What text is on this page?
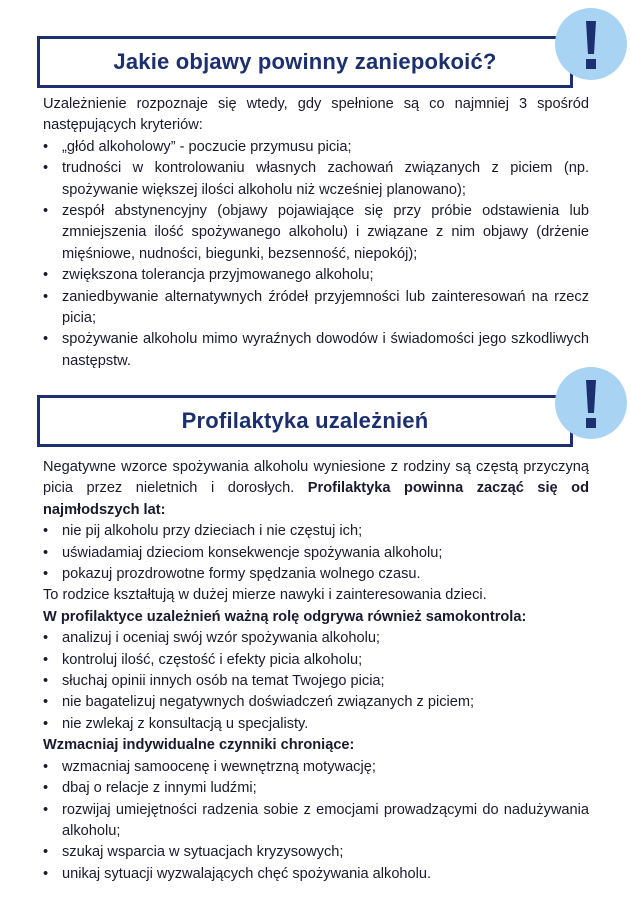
Jakie objawy powinny zaniepokoić?

Uzależnienie rozpoznaje się wtedy, gdy spełnione są co najmniej 3 spośród następujących kryteriów:

• „głód alkoholowy” - poczucie przymusu picia;
• trudności w kontrolowaniu własnych zachowań związanych z piciem (np. spożywanie większej ilości alkoholu niż wcześniej planowano);
• zespół abstynencyjny (objawy pojawiające się przy próbie odstawienia lub zmniejszenia ilość spożywanego alkoholu) i związane z nim objawy (drżenie mięśniowe, nudności, biegunki, bezsenność, niepokój);
• zwiększona tolerancja przyjmowanego alkoholu;
• zaniedbywanie alternatywnych źródeł przyjemności lub zainteresowań na rzecz picia;
• spożywanie alkoholu mimo wyraźnych dowodów i świadomości jego szkodliwych następstw.
Profilaktyka uzależnień

Negatywne wzorce spożywania alkoholu wyniesione z rodziny są częstą przyczyną picia przez nieletnich i dorosłych. Profilaktyka powinna zacząć się od najmłodszych lat:

• nie pij alkoholu przy dzieciach i nie częstuj ich;
• uświadamiaj dzieciom konsekwencje spożywania alkoholu;
• pokazuj prozdrowotne formy spędzania wolnego czasu.

To rodzice kształtują w dużej mierze nawyki i zainteresowania dzieci.

W profilaktyce uzależnień ważną rolę odgrywa również samokontrola:

• analizuj i oceniaj swój wzór spożywania alkoholu;
• kontroluj ilość, częstość i efekty picia alkoholu;
• słuchaj opinii innych osób na temat Twojego picia;
• nie bagatelizuj negatywnych doświadczeń związanych z piciem;
• nie zwlekaj z konsultacją u specjalisty.

Wzmacniaj indywidualne czynniki chroniące:

• wzmacniaj samoocenę i wewnętrzną motywację;
• dbaj o relacje z innymi ludźmi;
• rozwijaj umiejętności radzenia sobie z emocjami prowadzącymi do nadużywania alkoholu;
• szukaj wsparcia w sytuacjach kryzysowych;
• unikaj sytuacji wyzwalających chęć spożywania alkoholu.
